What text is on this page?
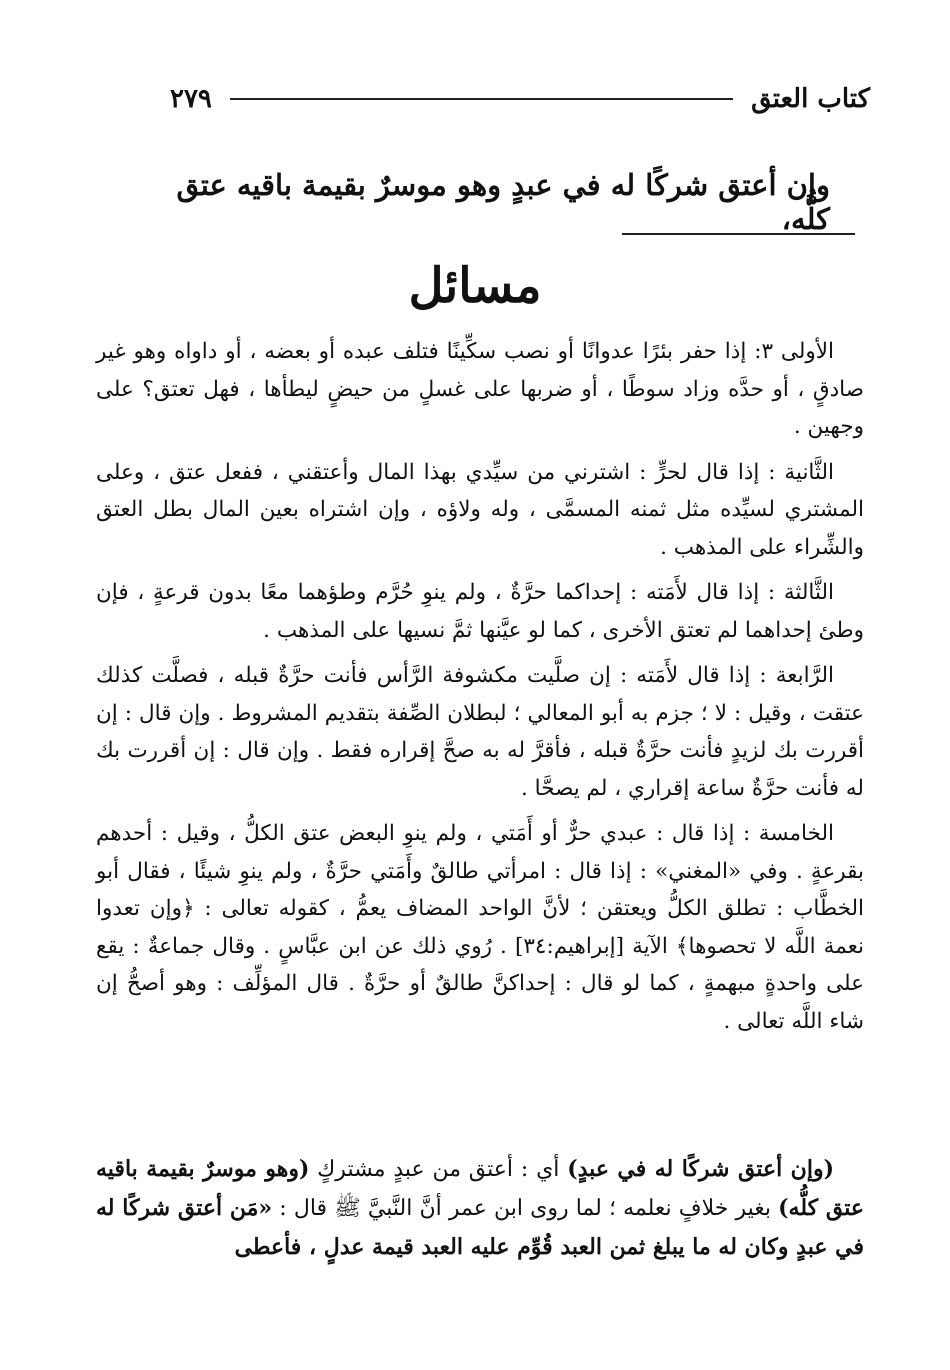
٢٧٩	كتاب العتق
وإن أعتق شركًا له في عبدٍ وهو موسرٌ بقيمة باقيه عتق كلُّه،
مسائل

الأولى ٣: إذا حفر بئرًا عدوانًا أو نصب سكِّينًا فتلف عبده أو بعضه ، أو داواه وهو غير صادقٍ ، أو حدَّه وزاد سوطًا ، أو ضربها على غسلٍ من حيضٍ ليطأها ، فهل تعتق؟ على وجهين .

الثَّانية : إذا قال لحرٍّ : اشترني من سيِّدي بهذا المال وأعتقني ، ففعل عتق ، وعلى المشتري لسيِّده مثل ثمنه المسمَّى ، وله ولاؤه ، وإن اشتراه بعين المال بطل العتق والشِّراء على المذهب .

الثَّالثة : إذا قال لأَمَته : إحداكما حرَّةٌ ، ولم ينوِ حُرَّم وطؤهما معًا بدون قرعةٍ ، فإن وطئ إحداهما لم تعتق الأخرى ، كما لو عيَّنها ثمَّ نسيها على المذهب .

الرَّابعة : إذا قال لأَمَته : إن صلَّيت مكشوفة الرَّأس فأنت حرَّةٌ قبله ، فصلَّت كذلك عتقت ، وقيل : لا ؛ جزم به أبو المعالي ؛ لبطلان الصِّفة بتقديم المشروط . وإن قال : إن أقررت بك لزيدٍ فأنت حرَّةٌ قبله ، فأقرَّ له به صحَّ إقراره فقط . وإن قال : إن أقررت بك له فأنت حرَّةٌ ساعة إقراري ، لم يصحَّا .

الخامسة : إذا قال : عبدي حرٌّ أو أَمَتي ، ولم ينوِ البعض عتق الكلُّ ، وقيل : أحدهم بقرعةٍ . وفي «المغني» : إذا قال : امرأتي طالقٌ وأَمَتي حرَّةٌ ، ولم ينوِ شيئًا ، فقال أبو الخطَّاب : تطلق الكلُّ ويعتقن ؛ لأنَّ الواحد المضاف يعمُّ ، كقوله تعالى : ﴿وإن تعدوا نعمة اللَّه لا تحصوها﴾ الآية [إبراهيم:٣٤] . رُوي ذلك عن ابن عبَّاسٍ . وقال جماعةٌ : يقع على واحدةٍ مبهمةٍ ، كما لو قال : إحداكنَّ طالقٌ أو حرَّةٌ . قال المؤلِّف : وهو أصحُّ إن شاء اللَّه تعالى .

(وإن أعتق شركًا له في عبدٍ) أي : أعتق من عبدٍ مشتركٍ (وهو موسرٌ بقيمة باقيه عتق كلُّه) بغير خلافٍ نعلمه ؛ لما روى ابن عمر أنَّ النَّبيَّ ﷺ قال : «مَن أعتق شركًا له في عبدٍ وكان له ما يبلغ ثمن العبد قُوِّم عليه العبد قيمة عدلٍ ، فأعطى
